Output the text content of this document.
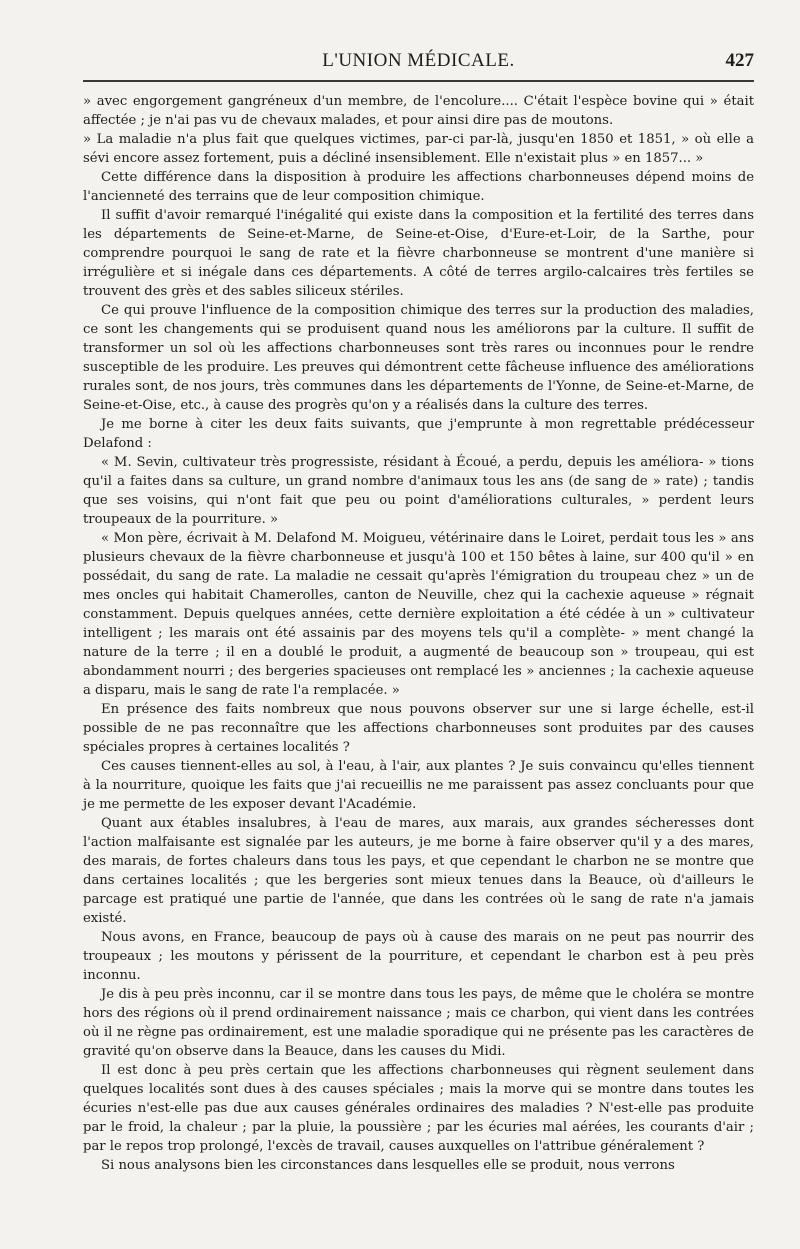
L'UNION MÉDICALE.	427

» avec engorgement gangréneux d'un membre, de l'encolure.... C'était l'espèce bovine qui » était affectée ; je n'ai pas vu de chevaux malades, et pour ainsi dire pas de moutons.

» La maladie n'a plus fait que quelques victimes, par-ci par-là, jusqu'en 1850 et 1851, » où elle a sévi encore assez fortement, puis a décliné insensiblement. Elle n'existait plus » en 1857... »

Cette différence dans la disposition à produire les affections charbonneuses dépend moins de l'ancienneté des terrains que de leur composition chimique.

Il suffit d'avoir remarqué l'inégalité qui existe dans la composition et la fertilité des terres dans les départements de Seine-et-Marne, de Seine-et-Oise, d'Eure-et-Loir, de la Sarthe, pour comprendre pourquoi le sang de rate et la fièvre charbonneuse se montrent d'une manière si irrégulière et si inégale dans ces départements. A côté de terres argilo-calcaires très fertiles se trouvent des grès et des sables siliceux stériles.

Ce qui prouve l'influence de la composition chimique des terres sur la production des maladies, ce sont les changements qui se produisent quand nous les améliorons par la culture. Il suffit de transformer un sol où les affections charbonneuses sont très rares ou inconnues pour le rendre susceptible de les produire. Les preuves qui démontrent cette fâcheuse influence des améliorations rurales sont, de nos jours, très communes dans les départements de l'Yonne, de Seine-et-Marne, de Seine-et-Oise, etc., à cause des progrès qu'on y a réalisés dans la culture des terres.

Je me borne à citer les deux faits suivants, que j'emprunte à mon regrettable prédécesseur Delafond :

« M. Sevin, cultivateur très progressiste, résidant à Écoué, a perdu, depuis les améliora- » tions qu'il a faites dans sa culture, un grand nombre d'animaux tous les ans (de sang de » rate) ; tandis que ses voisins, qui n'ont fait que peu ou point d'améliorations culturales, » perdent leurs troupeaux de la pourriture. »

« Mon père, écrivait à M. Delafond M. Moigueu, vétérinaire dans le Loiret, perdait tous les » ans plusieurs chevaux de la fièvre charbonneuse et jusqu'à 100 et 150 bêtes à laine, sur 400 qu'il » en possédait, du sang de rate. La maladie ne cessait qu'après l'émigration du troupeau chez » un de mes oncles qui habitait Chamerolles, canton de Neuville, chez qui la cachexie aqueuse » régnait constamment. Depuis quelques années, cette dernière exploitation a été cédée à un » cultivateur intelligent ; les marais ont été assainis par des moyens tels qu'il a complète- » ment changé la nature de la terre ; il en a doublé le produit, a augmenté de beaucoup son » troupeau, qui est abondamment nourri ; des bergeries spacieuses ont remplacé les » anciennes ; la cachexie aqueuse a disparu, mais le sang de rate l'a remplacée. »

En présence des faits nombreux que nous pouvons observer sur une si large échelle, est-il possible de ne pas reconnaître que les affections charbonneuses sont produites par des causes spéciales propres à certaines localités ?

Ces causes tiennent-elles au sol, à l'eau, à l'air, aux plantes ? Je suis convaincu qu'elles tiennent à la nourriture, quoique les faits que j'ai recueillis ne me paraissent pas assez concluants pour que je me permette de les exposer devant l'Académie.

Quant aux étables insalubres, à l'eau de mares, aux marais, aux grandes sécheresses dont l'action malfaisante est signalée par les auteurs, je me borne à faire observer qu'il y a des mares, des marais, de fortes chaleurs dans tous les pays, et que cependant le charbon ne se montre que dans certaines localités ; que les bergeries sont mieux tenues dans la Beauce, où d'ailleurs le parcage est pratiqué une partie de l'année, que dans les contrées où le sang de rate n'a jamais existé.

Nous avons, en France, beaucoup de pays où à cause des marais on ne peut pas nourrir des troupeaux ; les moutons y périssent de la pourriture, et cependant le charbon est à peu près inconnu.

Je dis à peu près inconnu, car il se montre dans tous les pays, de même que le choléra se montre hors des régions où il prend ordinairement naissance ; mais ce charbon, qui vient dans les contrées où il ne règne pas ordinairement, est une maladie sporadique qui ne présente pas les caractères de gravité qu'on observe dans la Beauce, dans les causes du Midi.

Il est donc à peu près certain que les affections charbonneuses qui règnent seulement dans quelques localités sont dues à des causes spéciales ; mais la morve qui se montre dans toutes les écuries n'est-elle pas due aux causes générales ordinaires des maladies ? N'est-elle pas produite par le froid, la chaleur ; par la pluie, la poussière ; par les écuries mal aérées, les courants d'air ; par le repos trop prolongé, l'excès de travail, causes auxquelles on l'attribue généralement ?

Si nous analysons bien les circonstances dans lesquelles elle se produit, nous verrons
